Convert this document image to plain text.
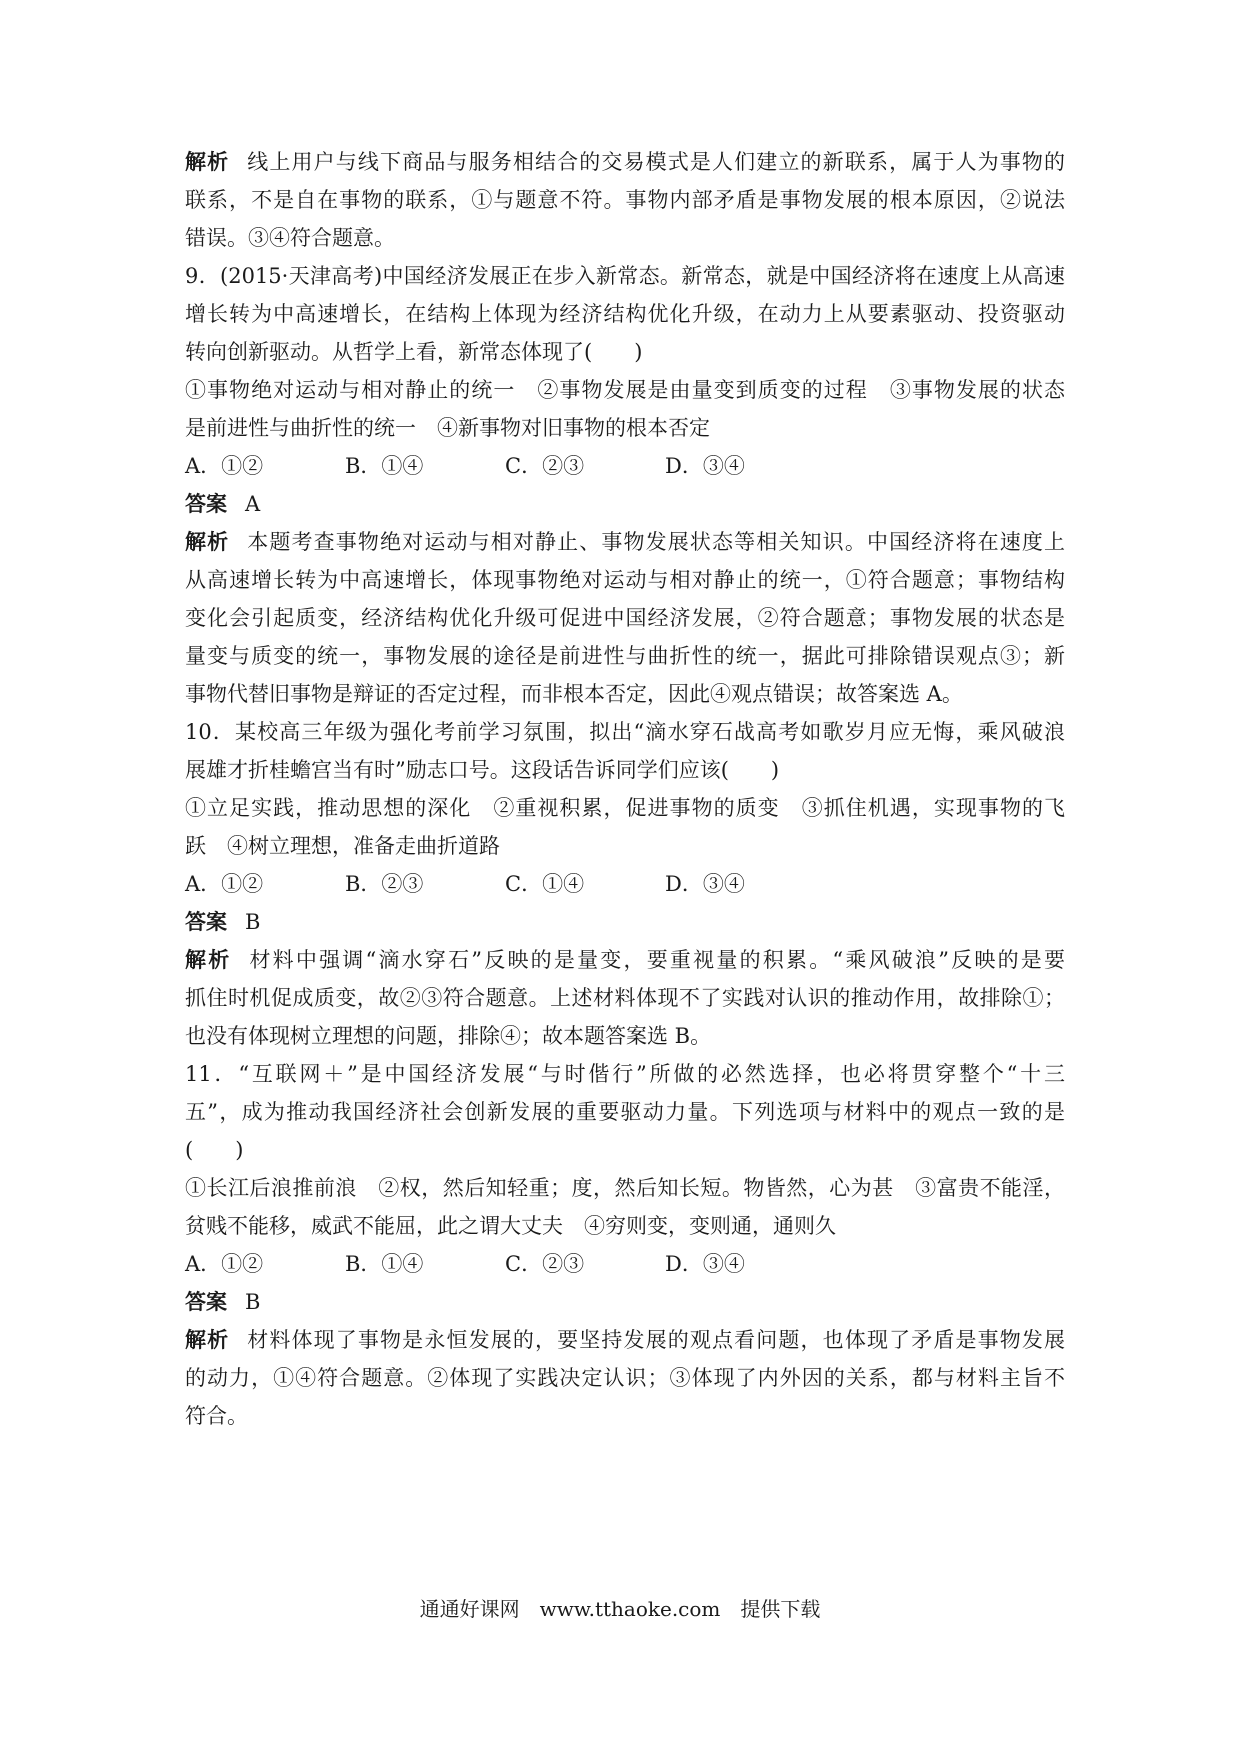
解析 线上用户与线下商品与服务相结合的交易模式是人们建立的新联系，属于人为事物的
联系，不是自在事物的联系，①与题意不符。事物内部矛盾是事物发展的根本原因，②说法
错误。③④符合题意。
9．(2015·天津高考)中国经济发展正在步入新常态。新常态，就是中国经济将在速度上从高速
增长转为中高速增长，在结构上体现为经济结构优化升级，在动力上从要素驱动、投资驱动
转向创新驱动。从哲学上看，新常态体现了(　　)
①事物绝对运动与相对静止的统一　②事物发展是由量变到质变的过程　③事物发展的状态
是前进性与曲折性的统一　④新事物对旧事物的根本否定
A．①②	B．①④	C．②③	D．③④
答案 A
解析 本题考查事物绝对运动与相对静止、事物发展状态等相关知识。中国经济将在速度上
从高速增长转为中高速增长，体现事物绝对运动与相对静止的统一，①符合题意；事物结构
变化会引起质变，经济结构优化升级可促进中国经济发展，②符合题意；事物发展的状态是
量变与质变的统一，事物发展的途径是前进性与曲折性的统一，据此可排除错误观点③；新
事物代替旧事物是辩证的否定过程，而非根本否定，因此④观点错误；故答案选 A。
10．某校高三年级为强化考前学习氛围，拟出“滴水穿石战高考如歌岁月应无悔，乘风破浪
展雄才折桂蟾宫当有时”励志口号。这段话告诉同学们应该(　　)
①立足实践，推动思想的深化　②重视积累，促进事物的质变　③抓住机遇，实现事物的飞
跃　④树立理想，准备走曲折道路
A．①②	B．②③	C．①④	D．③④
答案 B
解析 材料中强调“滴水穿石”反映的是量变，要重视量的积累。“乘风破浪”反映的是要
抓住时机促成质变，故②③符合题意。上述材料体现不了实践对认识的推动作用，故排除①；
也没有体现树立理想的问题，排除④；故本题答案选 B。
11．“互联网＋”是中国经济发展“与时偕行”所做的必然选择，也必将贯穿整个“十三
五”，成为推动我国经济社会创新发展的重要驱动力量。下列选项与材料中的观点一致的是
(　　)
①长江后浪推前浪　②权，然后知轻重；度，然后知长短。物皆然，心为甚　③富贵不能淫，
贫贱不能移，威武不能屈，此之谓大丈夫　④穷则变，变则通，通则久
A．①②	B．①④	C．②③	D．③④
答案 B
解析 材料体现了事物是永恒发展的，要坚持发展的观点看问题，也体现了矛盾是事物发展
的动力，①④符合题意。②体现了实践决定认识；③体现了内外因的关系，都与材料主旨不
符合。
通通好课网　www.tthaoke.com　提供下载
